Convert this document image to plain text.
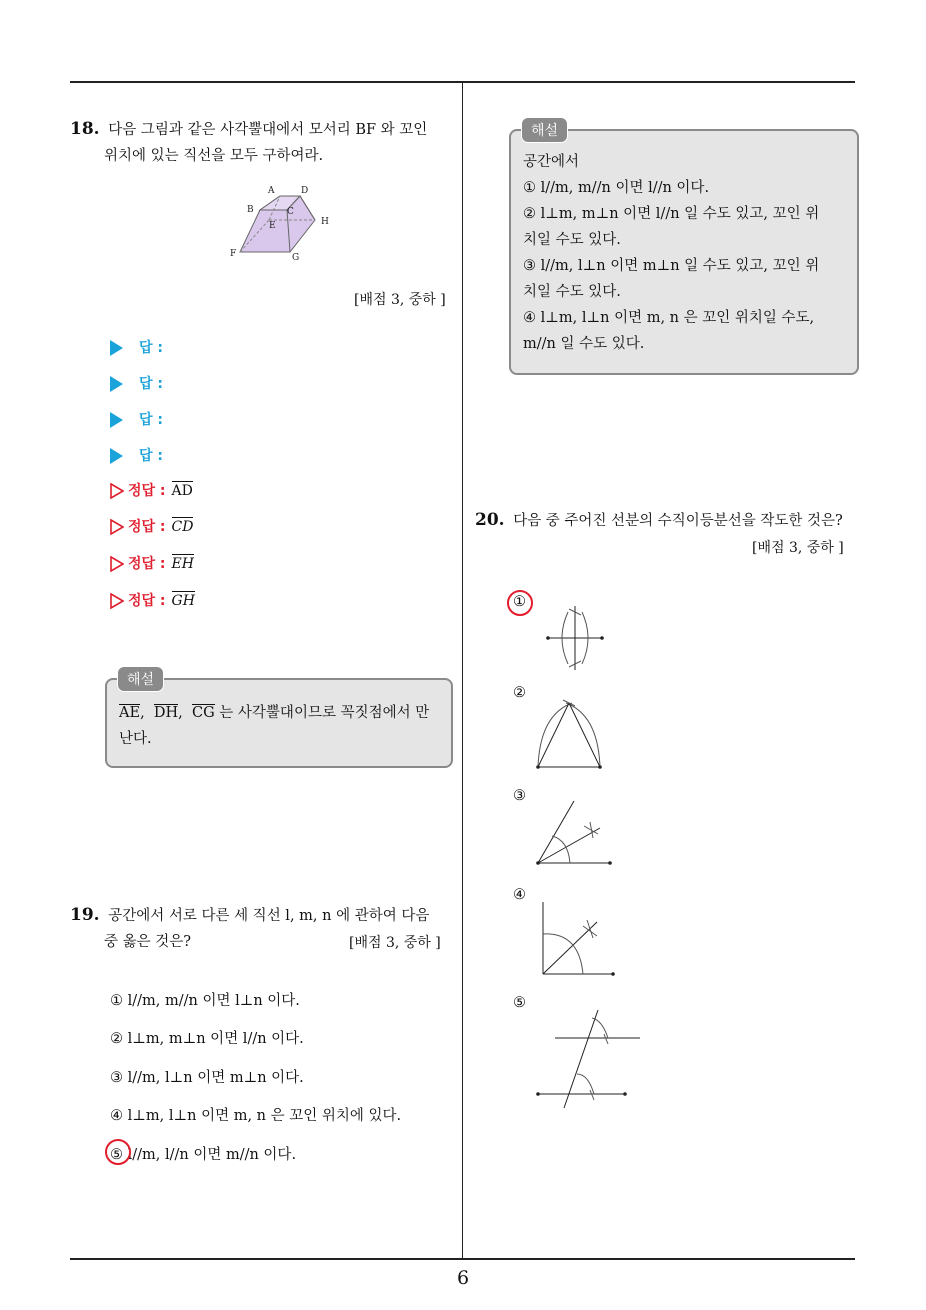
18. 다음 그림과 같은 사각뿔대에서 모서리 BF 와 꼬인
위치에 있는 직선을 모두 구하여라.
A	D
B	C
E	H
F	G
[배점 3, 중하 ]
답 :
답 :
답 :
답 :
정답 : AD
정답 : CD
정답 : EH
정답 : GH
AE,  DH,  CG 는 사각뿔대이므로 꼭짓점에서 만
난다.
해설
19. 공간에서 서로 다른 세 직선 l, m, n 에 관하여 다음
중 옳은 것은?	[배점 3, 중하 ]
① l//m, m//n 이면 l⊥n 이다.
② l⊥m, m⊥n 이면 l//n 이다.
③ l//m, l⊥n 이면 m⊥n 이다.
④ l⊥m, l⊥n 이면 m, n 은 꼬인 위치에 있다.
⑤ l//m, l//n 이면 m//n 이다.
공간에서
① l//m, m//n 이면 l//n 이다.
② l⊥m, m⊥n 이면 l//n 일 수도 있고, 꼬인 위
치일 수도 있다.
③ l//m, l⊥n 이면 m⊥n 일 수도 있고, 꼬인 위
치일 수도 있다.
④ l⊥m, l⊥n 이면 m, n 은 꼬인 위치일 수도,
m//n 일 수도 있다.
해설
20. 다음 중 주어진 선분의 수직이등분선을 작도한 것은?
[배점 3, 중하 ]
①
②
③
④
⑤
6
